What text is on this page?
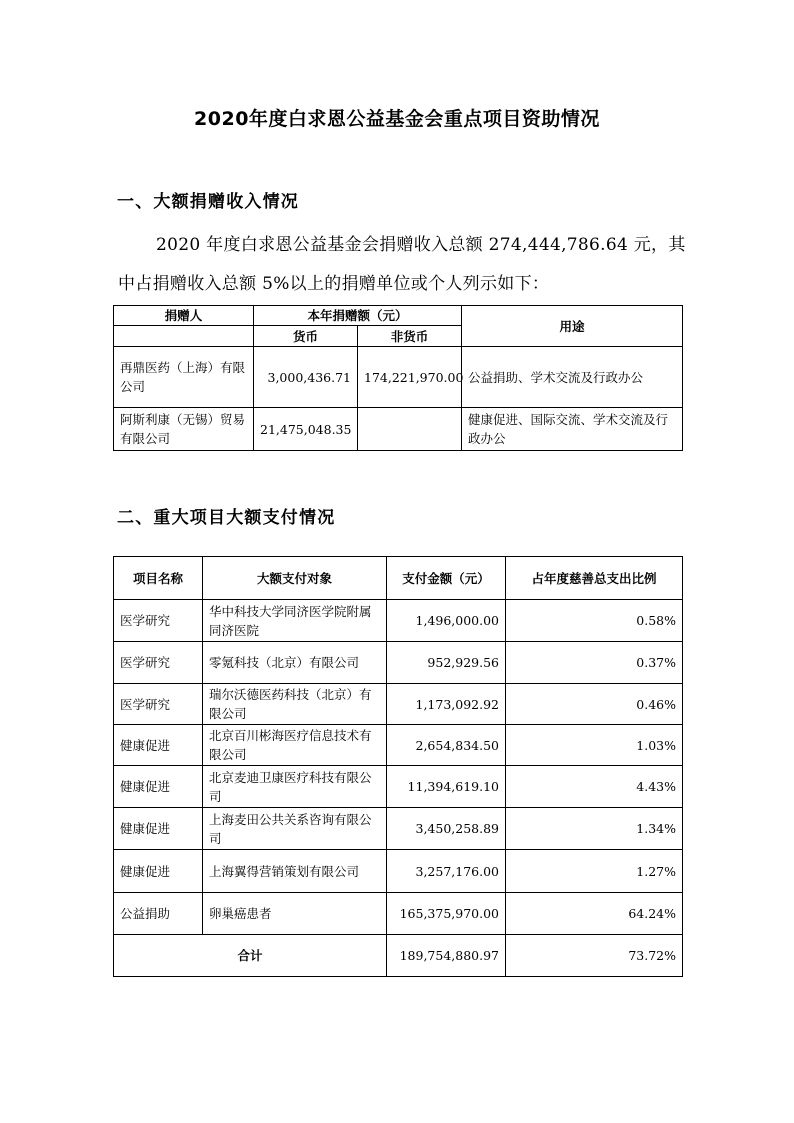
2020年度白求恩公益基金会重点项目资助情况
一、大额捐赠收入情况
2020 年度白求恩公益基金会捐赠收入总额 274,444,786.64 元，其
中占捐赠收入总额 5%以上的捐赠单位或个人列示如下：
捐赠人	本年捐赠额（元）		用途
	货币	非货币	
再鼎医药（上海）有限公司	3,000,436.71	174,221,970.00	公益捐助、学术交流及行政办公
阿斯利康（无锡）贸易有限公司	21,475,048.35		健康促进、国际交流、学术交流及行政办公
二、重大项目大额支付情况
项目名称	大额支付对象	支付金额（元）	占年度慈善总支出比例
医学研究	华中科技大学同济医学院附属同济医院	1,496,000.00	0.58%
医学研究	零氪科技（北京）有限公司	952,929.56	0.37%
医学研究	瑞尔沃德医药科技（北京）有限公司	1,173,092.92	0.46%
健康促进	北京百川彬海医疗信息技术有限公司	2,654,834.50	1.03%
健康促进	北京麦迪卫康医疗科技有限公司	11,394,619.10	4.43%
健康促进	上海麦田公共关系咨询有限公司	3,450,258.89	1.34%
健康促进	上海翼得营销策划有限公司	3,257,176.00	1.27%
公益捐助	卵巢癌患者	165,375,970.00	64.24%
合计		189,754,880.97	73.72%
